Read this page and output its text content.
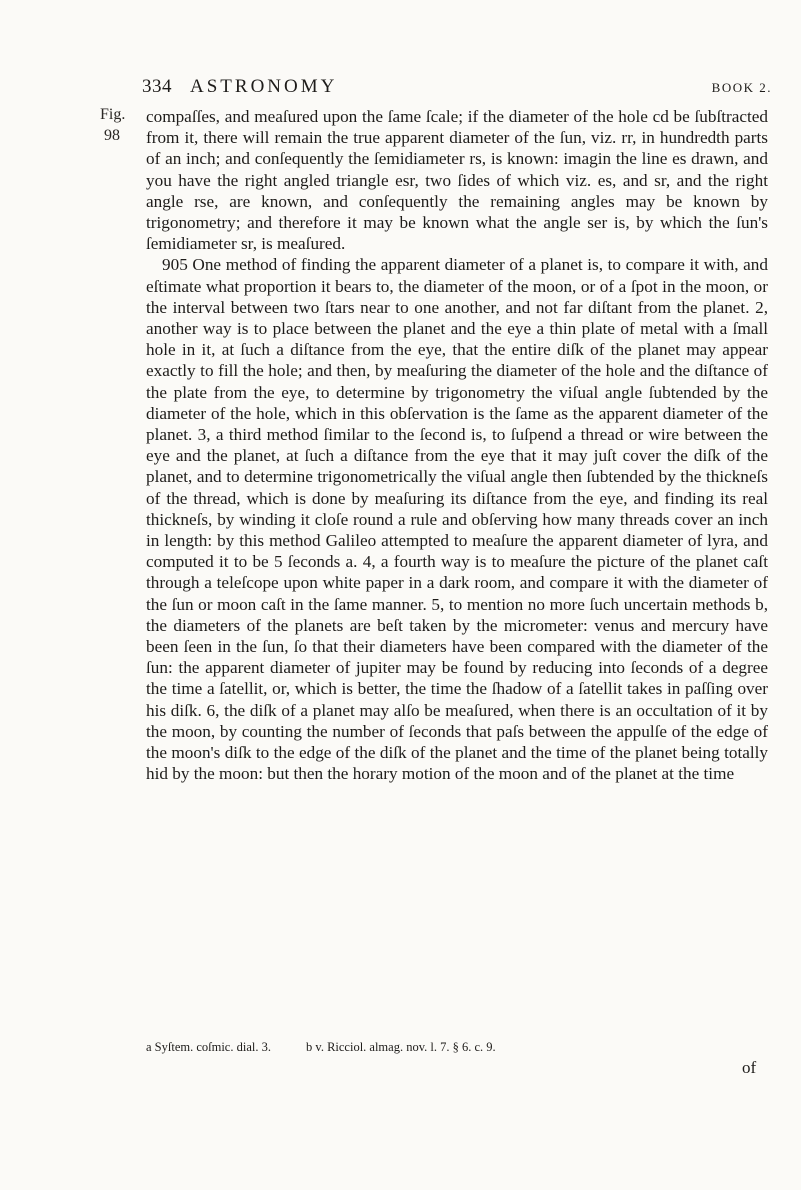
334 ASTRONOMY	BOOK 2.
Fig.
98

compaſſes, and meaſured upon the ſame ſcale; if the diameter of the hole cd be ſubſtracted from it, there will remain the true apparent diameter of the ſun, viz. rr, in hundredth parts of an inch; and conſequently the ſemidiameter rs, is known: imagin the line es drawn, and you have the right angled triangle esr, two ſides of which viz. es, and sr, and the right angle rse, are known, and conſequently the remaining angles may be known by trigonometry; and therefore it may be known what the angle ser is, by which the ſun's ſemidiameter sr, is meaſured.

905 One method of finding the apparent diameter of a planet is, to compare it with, and eſtimate what proportion it bears to, the diameter of the moon, or of a ſpot in the moon, or the interval between two ſtars near to one another, and not far diſtant from the planet. 2, another way is to place between the planet and the eye a thin plate of metal with a ſmall hole in it, at ſuch a diſtance from the eye, that the entire diſk of the planet may appear exactly to fill the hole; and then, by meaſuring the diameter of the hole and the diſtance of the plate from the eye, to determine by trigonometry the viſual angle ſubtended by the diameter of the hole, which in this obſervation is the ſame as the apparent diameter of the planet. 3, a third method ſimilar to the ſecond is, to ſuſpend a thread or wire between the eye and the planet, at ſuch a diſtance from the eye that it may juſt cover the diſk of the planet, and to determine trigonometrically the viſual angle then ſubtended by the thickneſs of the thread, which is done by meaſuring its diſtance from the eye, and finding its real thickneſs, by winding it cloſe round a rule and obſerving how many threads cover an inch in length: by this method Galileo attempted to meaſure the apparent diameter of lyra, and computed it to be 5 ſeconds a. 4, a fourth way is to meaſure the picture of the planet caſt through a teleſcope upon white paper in a dark room, and compare it with the diameter of the ſun or moon caſt in the ſame manner. 5, to mention no more ſuch uncertain methods b, the diameters of the planets are beſt taken by the micrometer: venus and mercury have been ſeen in the ſun, ſo that their diameters have been compared with the diameter of the ſun: the apparent diameter of jupiter may be found by reducing into ſeconds of a degree the time a ſatellit, or, which is better, the time the ſhadow of a ſatellit takes in paſſing over his diſk. 6, the diſk of a planet may alſo be meaſured, when there is an occultation of it by the moon, by counting the number of ſeconds that paſs between the appulſe of the edge of the moon's diſk to the edge of the diſk of the planet and the time of the planet being totally hid by the moon: but then the horary motion of the moon and of the planet at the time

a Syſtem. coſmic. dial. 3.	b v. Ricciol. almag. nov. l. 7. § 6. c. 9.
of
